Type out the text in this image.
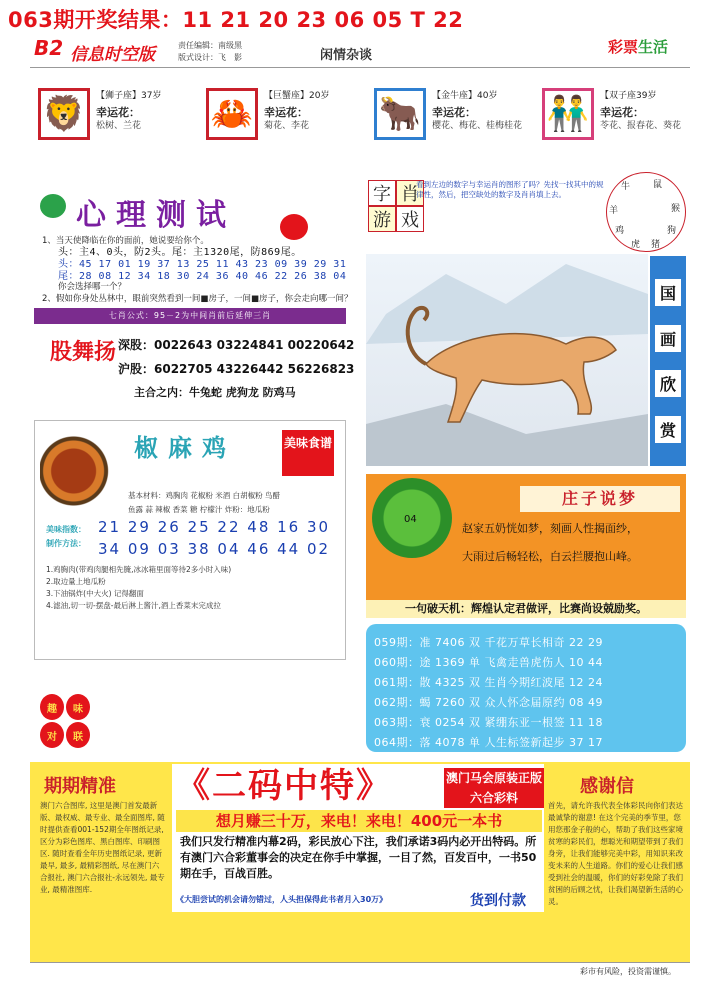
063期开奖结果：11 21 20 23 06 05 T 22
B2 信息时空版	责任编辑：南级黑
版式设计：飞　影	闲情杂谈	彩票生活
🦁	【狮子座】37岁
幸运花：
松树、兰花	🦀	【巨蟹座】20岁
幸运花：
菊花、李花	🐂	【金牛座】40岁
幸运花：
樱花、梅花、桂梅桂花 👬	【双子座39岁
幸运花：
苓花、报春花、葵花
心理测试
1、当天使降临在你的面前，她说要给你个。
头：主4、0头，防2头。尾：主1320尾，防869尾。
头：45 17 01 19 37 13 25 11 43 23 09 39 29 31
尾：28 08 12 34 18 30 24 36 40 46 22 26 38 04
你会选择哪一个？
2、假如你身处丛林中，眼前突然看到一间■房子，一间■房子，你会走向哪一间？
七肖公式：95－2为中间肖前后延伸三肖
股舞扬 深股：0022643 03224841 00220642
沪股：6022705 43226442 56226823
主合之内：牛兔蛇 虎狗龙 防鸡马
字 肖
游 戏
看到左边的数字与幸运肖的图形了吗？先找一找其中的规律性，然后，把空缺处的数字及肖肖填上去。
牛	鼠
羊	猴
鸡	狗
虎 猪
国
画
欣
赏
椒麻鸡	美味食谱
基本材料：鸡胸肉 花椒粉 米酒 白胡椒粉 鸟醋
鱼露 蒜 辣椒 香菜 糖 柠檬汁 炸粉：地瓜粉
美味指数：
制作方法：
21 29 26 25 22 48 16 30
34 09 03 38 04 46 44 02
1.鸡胸肉(带鸡肉腿相先腌,冰冰箱里面等待2多小时入味)
2.取边量上地瓜粉
3.下油锅炸(中大火) 记得翻面
4.滤油,切一切-摆盘-最后淋上酱汁,酒上香菜末完成拉
趣	味
对	联
04
庄子说梦
赵家五奶恍如梦，刻画人性揭面纱，
大雨过后畅轻松，白云拦腰抱山峰。
一句破天机：辉煌认定君做评，比赛尚设兢励奖。
059期：准 7406 双 千花万草长相奇 22 29
060期：途 1369 单 飞禽走兽虎伤人 10 44
061期：散 4325 双 生肖今期红波尾 12 24
062期：蝎 7260 双 众人怀念届原约 08 49
063期：衰 0254 双 紧绷东亚一根签 11 18
064期：落 4078 单 人生标签新起步 37 17
期期精准
澳门六合图库, 这里是澳门首发最新版、最权威、最专业、最全面图库, 随时提供查看001-152期全年图纸记录, 区分为彩色图库、黑白图库、印刷图区. 随时查看全年历史图纸记录, 更新最早, 最多, 最精彩图纸, 尽在澳门六合报社, 澳门六合报社-永远领先, 最专业, 最精准图库.
《二码中特》	澳门马会原装正版六合彩料
想月赚三十万，来电！来电！400元一本书
我们只发行精准内幕2码，彩民放心下注，我们承诺3码内必开出特码。所有澳门六合彩董事会的决定在你手中掌握，一目了然，百发百中，一书50期在手，百战百胜。
《大胆尝试的机会请勿错过，人头担保得此书者月入30万》	货到付款
感谢信
首先，请允许我代表全体彩民向你们表达最诚挚的谢意! 在这个完美的季节里，您用您那金子般的心，帮助了我们这些家境贫寒的彩民们，想聪光和期望带到了我们身旁，让我们能够完美中彩，用知识来改变未来的人生道路。你们的爱心让我们感受到社会的温暖，你们的好彩免除了我们贫困的后顾之忧，让我们渴望新生活的心灵。
彩市有风险，投资需谨慎。
